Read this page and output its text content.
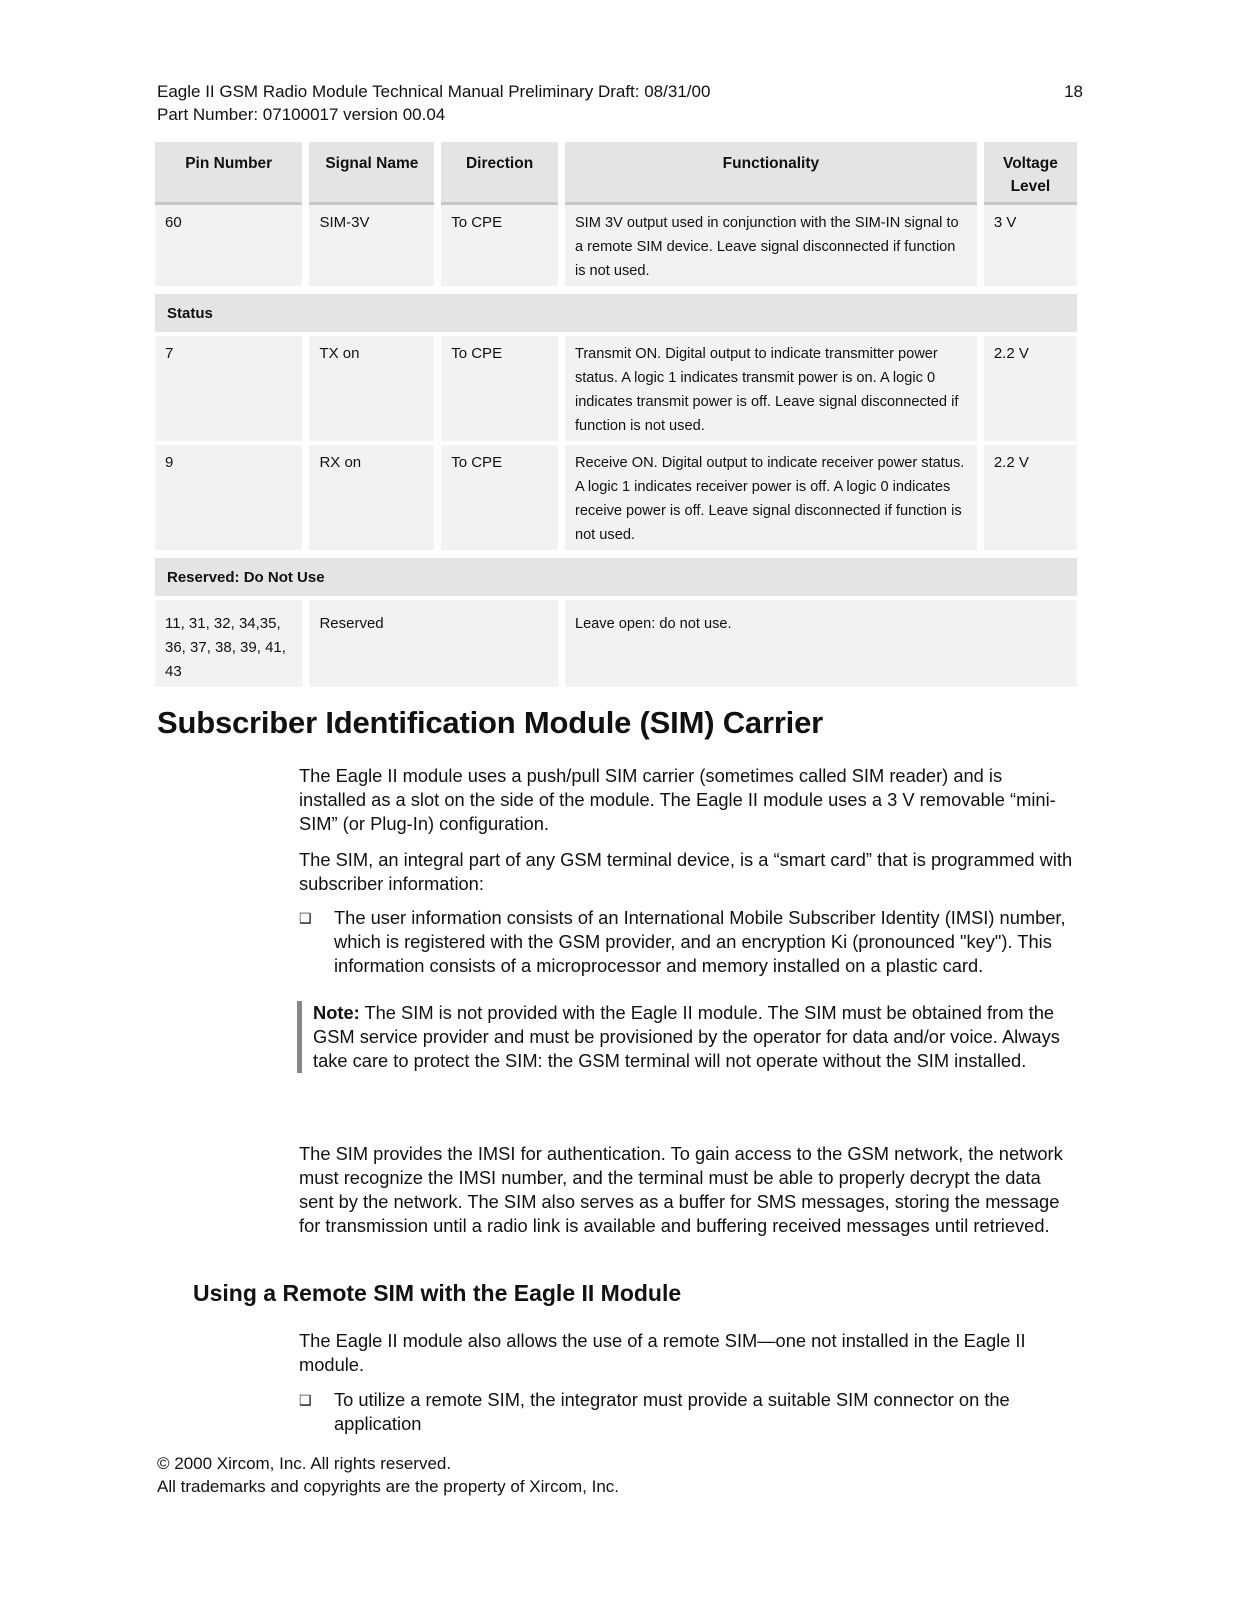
Eagle II GSM Radio Module Technical Manual Preliminary Draft: 08/31/00	18
Part Number: 07100017 version 00.04
Pin Number	Signal Name	Direction	Functionality	Voltage Level
60	SIM-3V	To CPE	SIM 3V output used in conjunction with the SIM-IN signal to a remote SIM device. Leave signal disconnected if function is not used.	3 V
Status				
7	TX on	To CPE	Transmit ON. Digital output to indicate transmitter power status. A logic 1 indicates transmit power is on. A logic 0 indicates transmit power is off. Leave signal disconnected if function is not used.	2.2 V
9	RX on	To CPE	Receive ON. Digital output to indicate receiver power status. A logic 1 indicates receiver power is off. A logic 0 indicates receive power is off. Leave signal disconnected if function is not used.	2.2 V
Reserved: Do Not Use				
11, 31, 32, 34,35, 36, 37, 38, 39, 41, 43	Reserved		Leave open: do not use.	
Subscriber Identification Module (SIM) Carrier

The Eagle II module uses a push/pull SIM carrier (sometimes called SIM reader) and is installed as a slot on the side of the module. The Eagle II module uses a 3 V removable “mini-SIM” (or Plug-In) configuration.

The SIM, an integral part of any GSM terminal device, is a “smart card” that is programmed with subscriber information:

❑	The user information consists of an International Mobile Subscriber Identity (IMSI) number, which is registered with the GSM provider, and an encryption Ki (pronounced "key"). This information consists of a microprocessor and memory installed on a plastic card.
Note: The SIM is not provided with the Eagle II module. The SIM must be obtained from the GSM service provider and must be provisioned by the operator for data and/or voice. Always take care to protect the SIM: the GSM terminal will not operate without the SIM installed.

The SIM provides the IMSI for authentication. To gain access to the GSM network, the network must recognize the IMSI number, and the terminal must be able to properly decrypt the data sent by the network. The SIM also serves as a buffer for SMS messages, storing the message for transmission until a radio link is available and buffering received messages until retrieved.

Using a Remote SIM with the Eagle II Module

The Eagle II module also allows the use of a remote SIM—one not installed in the Eagle II module.

❑	To utilize a remote SIM, the integrator must provide a suitable SIM connector on the application
© 2000 Xircom, Inc. All rights reserved.
All trademarks and copyrights are the property of Xircom, Inc.
